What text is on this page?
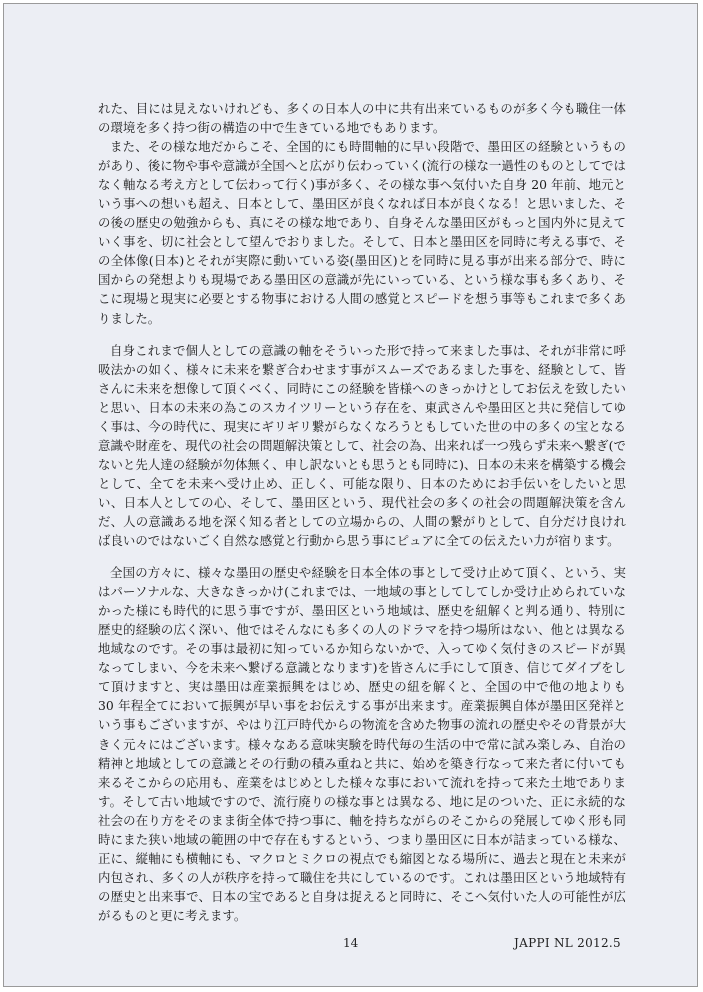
れた、目には見えないけれども、多くの日本人の中に共有出来ているものが多く今も職住一体の環境を多く持つ街の構造の中で生きている地でもあります。

また、その様な地だからこそ、全国的にも時間軸的に早い段階で、墨田区の経験というものがあり、後に物や事や意識が全国へと広がり伝わっていく(流行の様な一過性のものとしてではなく軸なる考え方として伝わって行く)事が多く、その様な事へ気付いた自身 20 年前、地元という事への想いも超え、日本として、墨田区が良くなれば日本が良くなる！と思いました、その後の歴史の勉強からも、真にその様な地であり、自身そんな墨田区がもっと国内外に見えていく事を、切に社会として望んでおりました。そして、日本と墨田区を同時に考える事で、その全体像(日本)とそれが実際に動いている姿(墨田区)とを同時に見る事が出来る部分で、時に国からの発想よりも現場である墨田区の意識が先にいっている、という様な事も多くあり、そこに現場と現実に必要とする物事における人間の感覚とスピードを想う事等もこれまで多くありました。

自身これまで個人としての意識の軸をそういった形で持って来ました事は、それが非常に呼吸法かの如く、様々に未来を繋ぎ合わせます事がスムーズであるました事を、経験として、皆さんに未来を想像して頂くべく、同時にこの経験を皆様へのきっかけとしてお伝えを致したいと思い、日本の未来の為このスカイツリーという存在を、東武さんや墨田区と共に発信してゆく事は、今の時代に、現実にギリギリ繋がらなくなろうともしていた世の中の多くの宝となる意識や財産を、現代の社会の問題解決策として、社会の為、出来れば一つ残らず未来へ繋ぎ(でないと先人達の経験が勿体無く、申し訳ないとも思うとも同時に)、日本の未来を構築する機会として、全てを未来へ受け止め、正しく、可能な限り、日本のためにお手伝いをしたいと思い、日本人としての心、そして、墨田区という、現代社会の多くの社会の問題解決策を含んだ、人の意識ある地を深く知る者としての立場からの、人間の繋がりとして、自分だけ良ければ良いのではないごく自然な感覚と行動から思う事にピュアに全ての伝えたい力が宿ります。

全国の方々に、様々な墨田の歴史や経験を日本全体の事として受け止めて頂く、という、実はパーソナルな、大きなきっかけ(これまでは、一地域の事としてしてしか受け止められていなかった様にも時代的に思う事ですが、墨田区という地域は、歴史を紐解くと判る通り、特別に歴史的経験の広く深い、他ではそんなにも多くの人のドラマを持つ場所はない、他とは異なる地域なのです。その事は最初に知っているか知らないかで、入ってゆく気付きのスピードが異なってしまい、今を未来へ繋げる意識となります)を皆さんに手にして頂き、信じてダイブをして頂けますと、実は墨田は産業振興をはじめ、歴史の紐を解くと、全国の中で他の地よりも 30 年程全てにおいて振興が早い事をお伝えする事が出来ます。産業振興自体が墨田区発祥という事もございますが、やはり江戸時代からの物流を含めた物事の流れの歴史やその背景が大きく元々にはございます。様々なある意味実験を時代毎の生活の中で常に試み楽しみ、自治の精神と地域としての意識とその行動の積み重ねと共に、始めを築き行なって来た者に付いても来るそこからの応用も、産業をはじめとした様々な事において流れを持って来た土地であります。そして古い地域ですので、流行廃りの様な事とは異なる、地に足のついた、正に永続的な社会の在り方をそのまま街全体で持つ事に、軸を持ちながらのそこからの発展してゆく形も同時にまた狭い地域の範囲の中で存在もするという、つまり墨田区に日本が詰まっている様な、正に、縦軸にも横軸にも、マクロとミクロの視点でも縮図となる場所に、過去と現在と未来が内包され、多くの人が秩序を持って職住を共にしているのです。これは墨田区という地域特有の歴史と出来事で、日本の宝であると自身は捉えると同時に、そこへ気付いた人の可能性が広がるものと更に考えます。

14	JAPPI NL 2012.5
